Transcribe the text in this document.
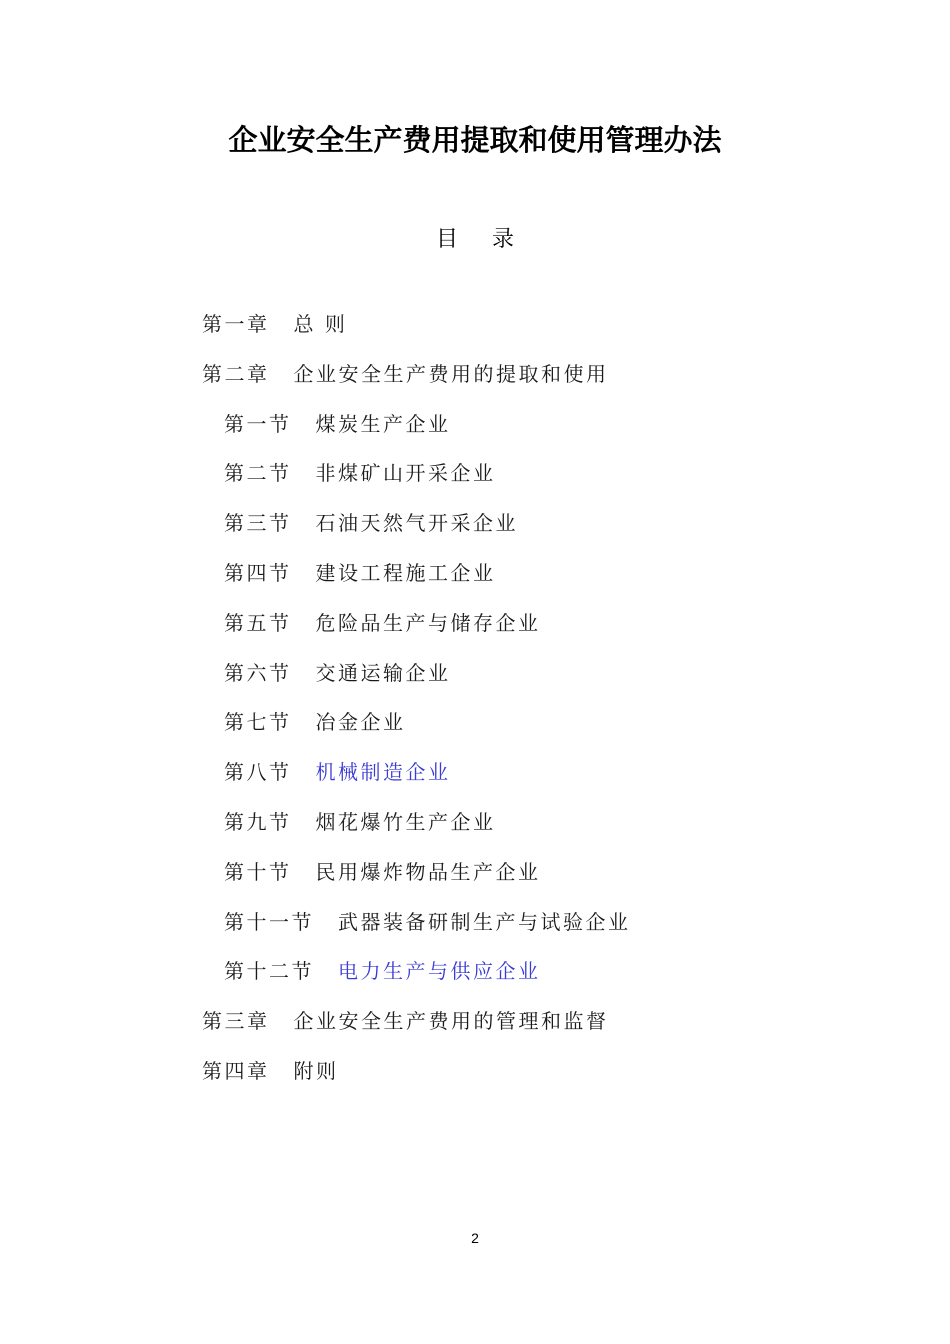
企业安全生产费用提取和使用管理办法
目 录
第一章 总 则
第二章 企业安全生产费用的提取和使用
第一节 煤炭生产企业
第二节 非煤矿山开采企业
第三节 石油天然气开采企业
第四节 建设工程施工企业
第五节 危险品生产与储存企业
第六节 交通运输企业
第七节 冶金企业
第八节 机械制造企业
第九节 烟花爆竹生产企业
第十节 民用爆炸物品生产企业
第十一节 武器装备研制生产与试验企业
第十二节 电力生产与供应企业
第三章 企业安全生产费用的管理和监督
第四章 附则
2
